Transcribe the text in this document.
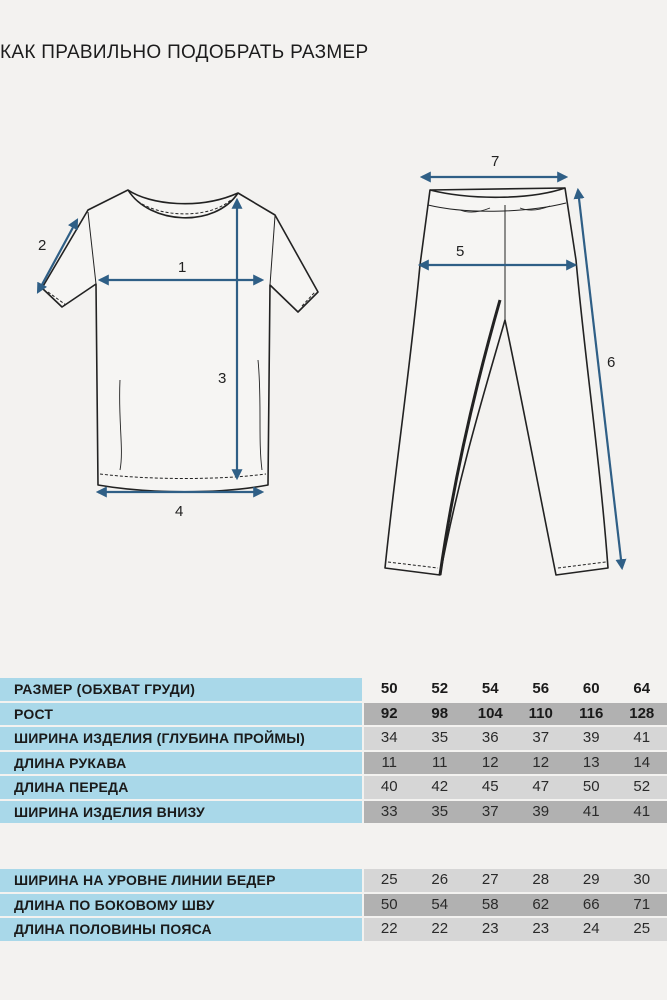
КАК ПРАВИЛЬНО ПОДОБРАТЬ РАЗМЕР
1
2
3
4
7
5
6
РАЗМЕР (ОБХВАТ ГРУДИ)	50	52	54	56	60	64
РОСТ	92	98	104	110	116	128
ШИРИНА ИЗДЕЛИЯ (ГЛУБИНА ПРОЙМЫ)	34	35	36	37	39	41
ДЛИНА РУКАВА	11	11	12	12	13	14
ДЛИНА ПЕРЕДА	40	42	45	47	50	52
ШИРИНА ИЗДЕЛИЯ ВНИЗУ	33	35	37	39	41	41
ШИРИНА НА УРОВНЕ ЛИНИИ БЕДЕР	25	26	27	28	29	30
ДЛИНА ПО БОКОВОМУ ШВУ	50	54	58	62	66	71
ДЛИНА ПОЛОВИНЫ ПОЯСА	22	22	23	23	24	25
